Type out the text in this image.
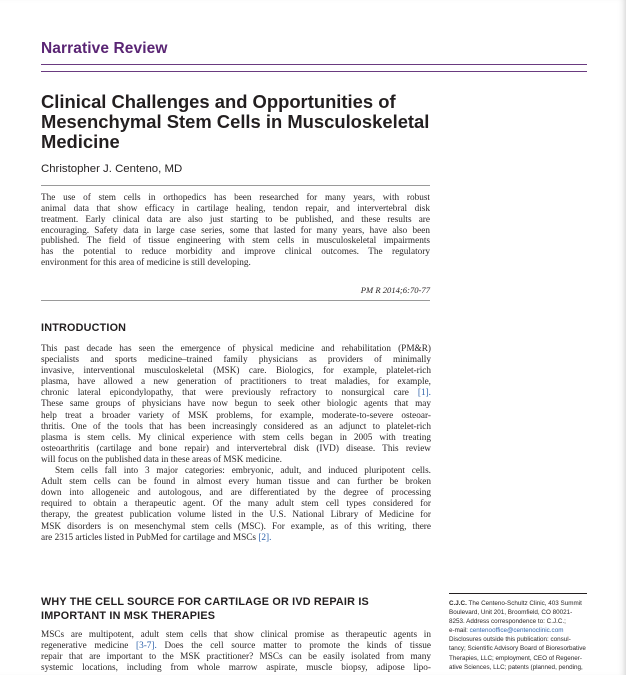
Narrative Review
Clinical Challenges and Opportunities of
Mesenchymal Stem Cells in Musculoskeletal
Medicine
Christopher J. Centeno, MD
The use of stem cells in orthopedics has been researched for many years, with robust
animal data that show efficacy in cartilage healing, tendon repair, and intervertebral disk
treatment. Early clinical data are also just starting to be published, and these results are
encouraging. Safety data in large case series, some that lasted for many years, have also been
published. The field of tissue engineering with stem cells in musculoskeletal impairments
has the potential to reduce morbidity and improve clinical outcomes. The regulatory
environment for this area of medicine is still developing.
PM R 2014;6:70-77
INTRODUCTION
This past decade has seen the emergence of physical medicine and rehabilitation (PM&R)
specialists and sports medicine–trained family physicians as providers of minimally
invasive, interventional musculoskeletal (MSK) care. Biologics, for example, platelet-rich
plasma, have allowed a new generation of practitioners to treat maladies, for example,
chronic lateral epicondylopathy, that were previously refractory to nonsurgical care [1].
These same groups of physicians have now begun to seek other biologic agents that may
help treat a broader variety of MSK problems, for example, moderate-to-severe osteoar-
thritis. One of the tools that has been increasingly considered as an adjunct to platelet-rich
plasma is stem cells. My clinical experience with stem cells began in 2005 with treating
osteoarthritis (cartilage and bone repair) and intervertebral disk (IVD) disease. This review
will focus on the published data in these areas of MSK medicine.
Stem cells fall into 3 major categories: embryonic, adult, and induced pluripotent cells.
Adult stem cells can be found in almost every human tissue and can further be broken
down into allogeneic and autologous, and are differentiated by the degree of processing
required to obtain a therapeutic agent. Of the many adult stem cell types considered for
therapy, the greatest publication volume listed in the U.S. National Library of Medicine for
MSK disorders is on mesenchymal stem cells (MSC). For example, as of this writing, there
are 2315 articles listed in PubMed for cartilage and MSCs [2].
WHY THE CELL SOURCE FOR CARTILAGE OR IVD REPAIR IS
IMPORTANT IN MSK THERAPIES
MSCs are multipotent, adult stem cells that show clinical promise as therapeutic agents in
regenerative medicine [3-7]. Does the cell source matter to promote the kinds of tissue
repair that are important to the MSK practitioner? MSCs can be easily isolated from many
systemic locations, including from whole marrow aspirate, muscle biopsy, adipose lipo-
C.J.C. The Centeno-Schultz Clinic, 403 Summit
Boulevard, Unit 201, Broomfield, CO 80021-
8253. Address correspondence to: C.J.C.;
e-mail: centenooffice@centenoclinic.com
Disclosures outside this publication: consul-
tancy; Scientific Advisory Board of Bioresorbative
Therapies, LLC; employment, CEO of Regener-
ative Sciences, LLC; patents (planned, pending,
